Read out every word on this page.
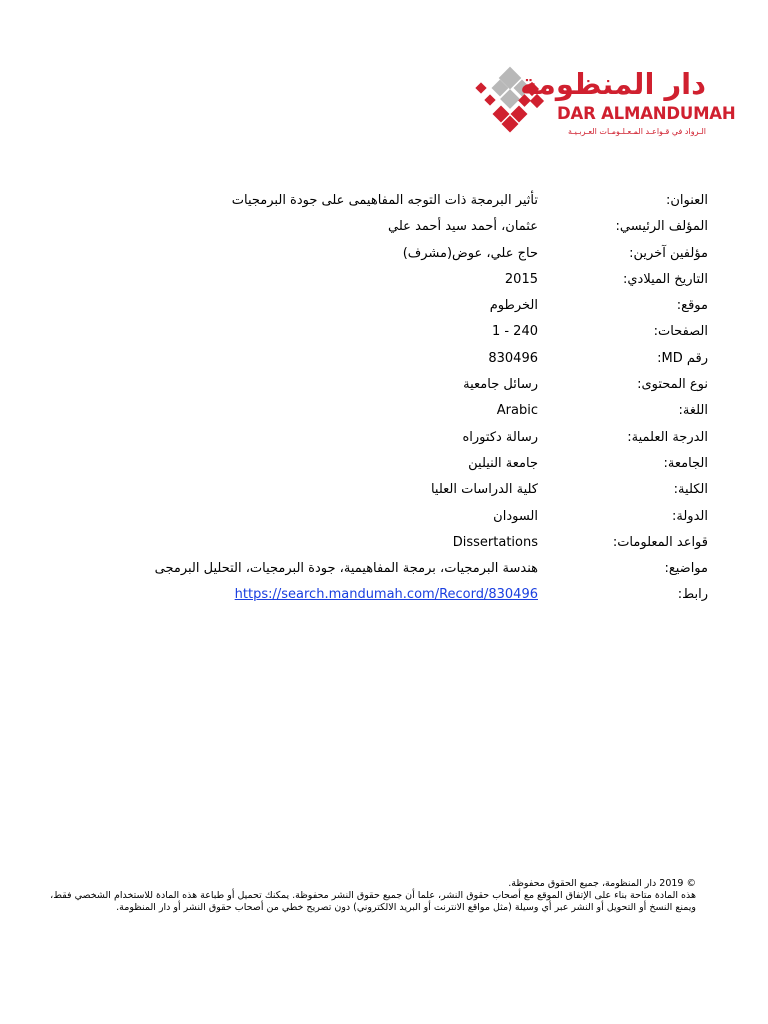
دار المنظومة
DAR ALMANDUMAH
الـرواد في قـواعـد المـعـلـومـات العـربـيـة
العنوان:
تأثير البرمجة ذات التوجه المفاهيمى على جودة البرمجيات
المؤلف الرئيسي:
عثمان، أحمد سيد أحمد علي
مؤلفين آخرين:
حاج علي، عوض(مشرف)
التاريخ الميلادي:
2015
موقع:
الخرطوم
الصفحات:
1 - 240
رقم MD:
830496
نوع المحتوى:
رسائل جامعية
اللغة:
Arabic
الدرجة العلمية:
رسالة دكتوراه
الجامعة:
جامعة النيلين
الكلية:
كلية الدراسات العليا
الدولة:
السودان
قواعد المعلومات:
Dissertations
مواضيع:
هندسة البرمجيات، برمجة المفاهيمية، جودة البرمجيات، التحليل البرمجى
رابط:
https://search.mandumah.com/Record/830496

© 2019 دار المنظومة، جميع الحقوق محفوظة.

هذه المادة متاحة بناء على الإتفاق الموقع مع أصحاب حقوق النشر، علما أن جميع حقوق النشر محفوظة. يمكنك تحميل أو طباعة هذه المادة للاستخدام الشخصي فقط، ويمنع النسخ أو التحويل أو النشر عبر أي وسيلة (مثل مواقع الانترنت أو البريد الالكتروني) دون تصريح خطي من أصحاب حقوق النشر أو دار المنظومة.
